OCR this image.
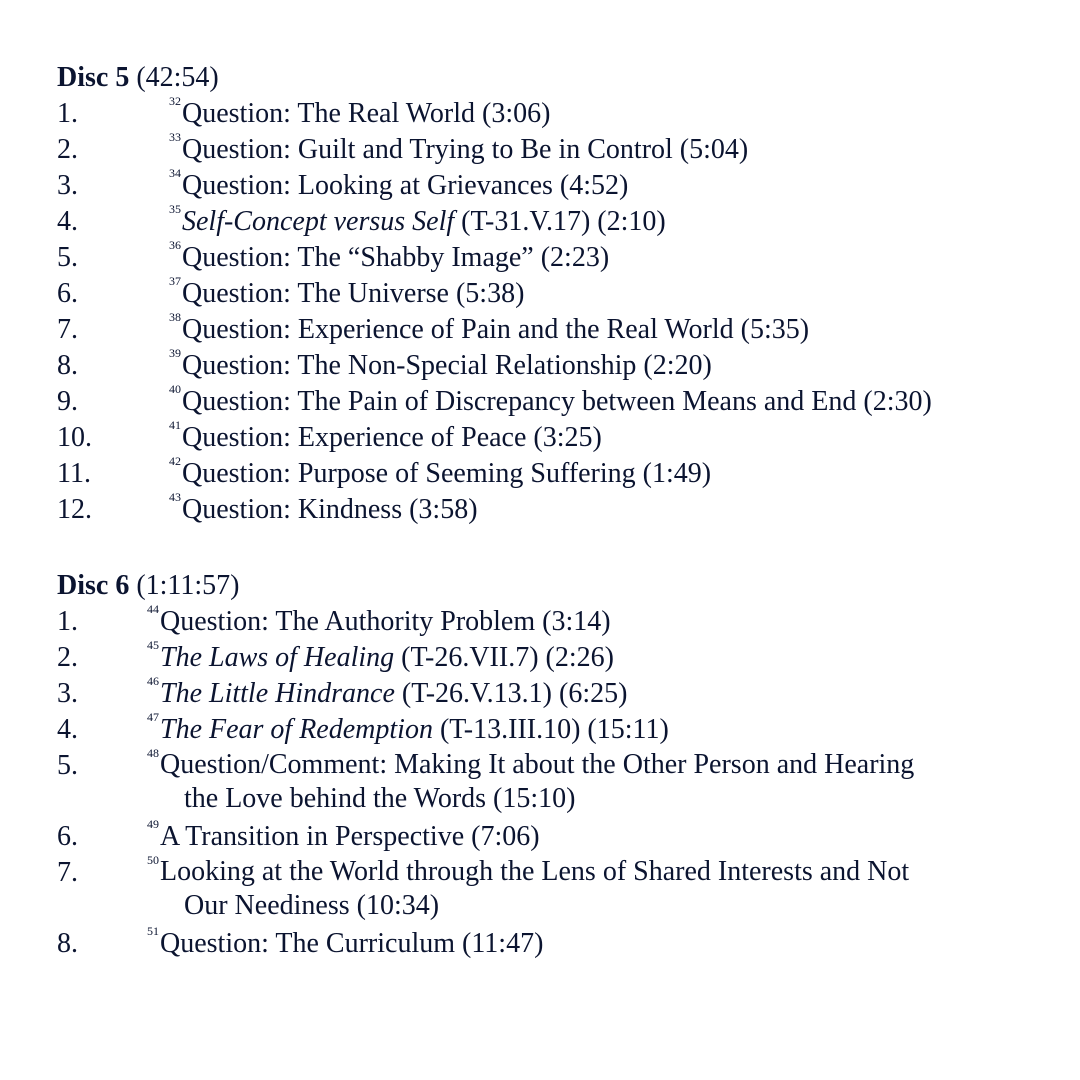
Disc 5 (42:54)
1.	$^{32}$Question: The Real World (3:06)
2.	$^{33}$Question: Guilt and Trying to Be in Control (5:04)
3.	$^{34}$Question: Looking at Grievances (4:52)
4.	$^{35}$Self-Concept versus Self (T-31.V.17) (2:10)
5.	$^{36}$Question: The “Shabby Image” (2:23)
6.	$^{37}$Question: The Universe (5:38)
7.	$^{38}$Question: Experience of Pain and the Real World (5:35)
8.	$^{39}$Question: The Non-Special Relationship (2:20)
9.	$^{40}$Question: The Pain of Discrepancy between Means and End (2:30)
10.	$^{41}$Question: Experience of Peace (3:25)
11.	$^{42}$Question: Purpose of Seeming Suffering (1:49)
12.	$^{43}$Question: Kindness (3:58)
Disc 6 (1:11:57)
1.	$^{44}$Question: The Authority Problem (3:14)
2.	$^{45}$The Laws of Healing (T-26.VII.7) (2:26)
3.	$^{46}$The Little Hindrance (T-26.V.13.1) (6:25)
4.	$^{47}$The Fear of Redemption (T-13.III.10) (15:11)
5.	$^{48}$Question/Comment: Making It about the Other Person and Hearing
the Love behind the Words (15:10)
6.	$^{49}$A Transition in Perspective (7:06)
7.	$^{50}$Looking at the World through the Lens of Shared Interests and Not
Our Neediness (10:34)
8.	$^{51}$Question: The Curriculum (11:47)
